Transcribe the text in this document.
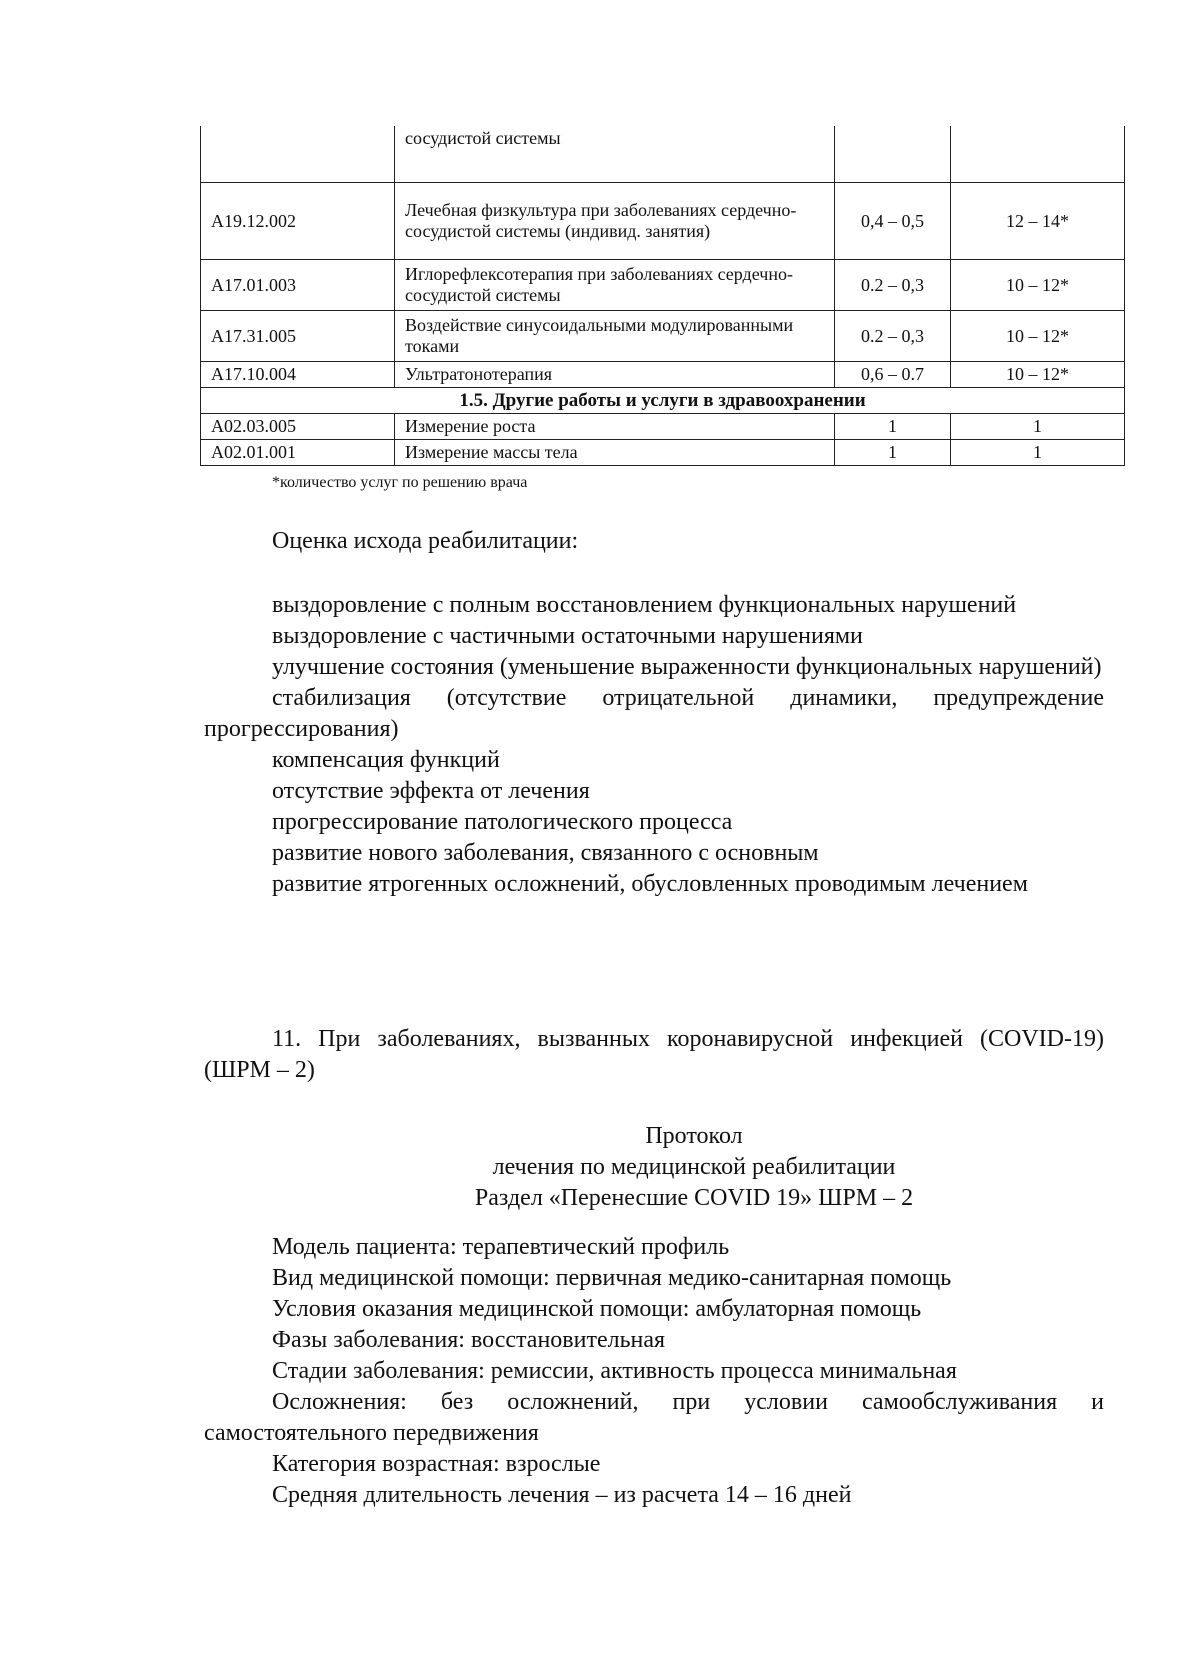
	сосудистой системы		
A19.12.002	Лечебная физкультура при заболеваниях сердечно-сосудистой системы (индивид. занятия)	0,4 – 0,5	12 – 14*
A17.01.003	Иглорефлексотерапия при заболеваниях сердечно-сосудистой системы	0.2 – 0,3	10 – 12*
A17.31.005	Воздействие синусоидальными модулированными токами	0.2 – 0,3	10 – 12*
A17.10.004	Ультратонотерапия	0,6 – 0.7	10 – 12*
1.5. Другие работы и услуги в здравоохранении			
A02.03.005	Измерение роста	1	1
A02.01.001	Измерение массы тела	1	1
*количество услуг по решению врача

Оценка исхода реабилитации:

выздоровление с полным восстановлением функциональных нарушений

выздоровление с частичными остаточными нарушениями

улучшение состояния (уменьшение выраженности функциональных нарушений)

стабилизация (отсутствие отрицательной динамики, предупреждение прогрессирования)

компенсация функций

отсутствие эффекта от лечения

прогрессирование патологического процесса

развитие нового заболевания, связанного с основным

развитие ятрогенных осложнений, обусловленных проводимым лечением

11. При заболеваниях, вызванных коронавирусной инфекцией (COVID-19) (ШРМ – 2)

Протокол
лечения по медицинской реабилитации
Раздел «Перенесшие COVID 19» ШРМ – 2

Модель пациента: терапевтический профиль

Вид медицинской помощи: первичная медико-санитарная помощь

Условия оказания медицинской помощи: амбулаторная помощь

Фазы заболевания: восстановительная

Стадии заболевания: ремиссии, активность процесса минимальная

Осложнения: без осложнений, при условии самообслуживания и самостоятельного передвижения

Категория возрастная: взрослые

Средняя длительность лечения – из расчета 14 – 16 дней
